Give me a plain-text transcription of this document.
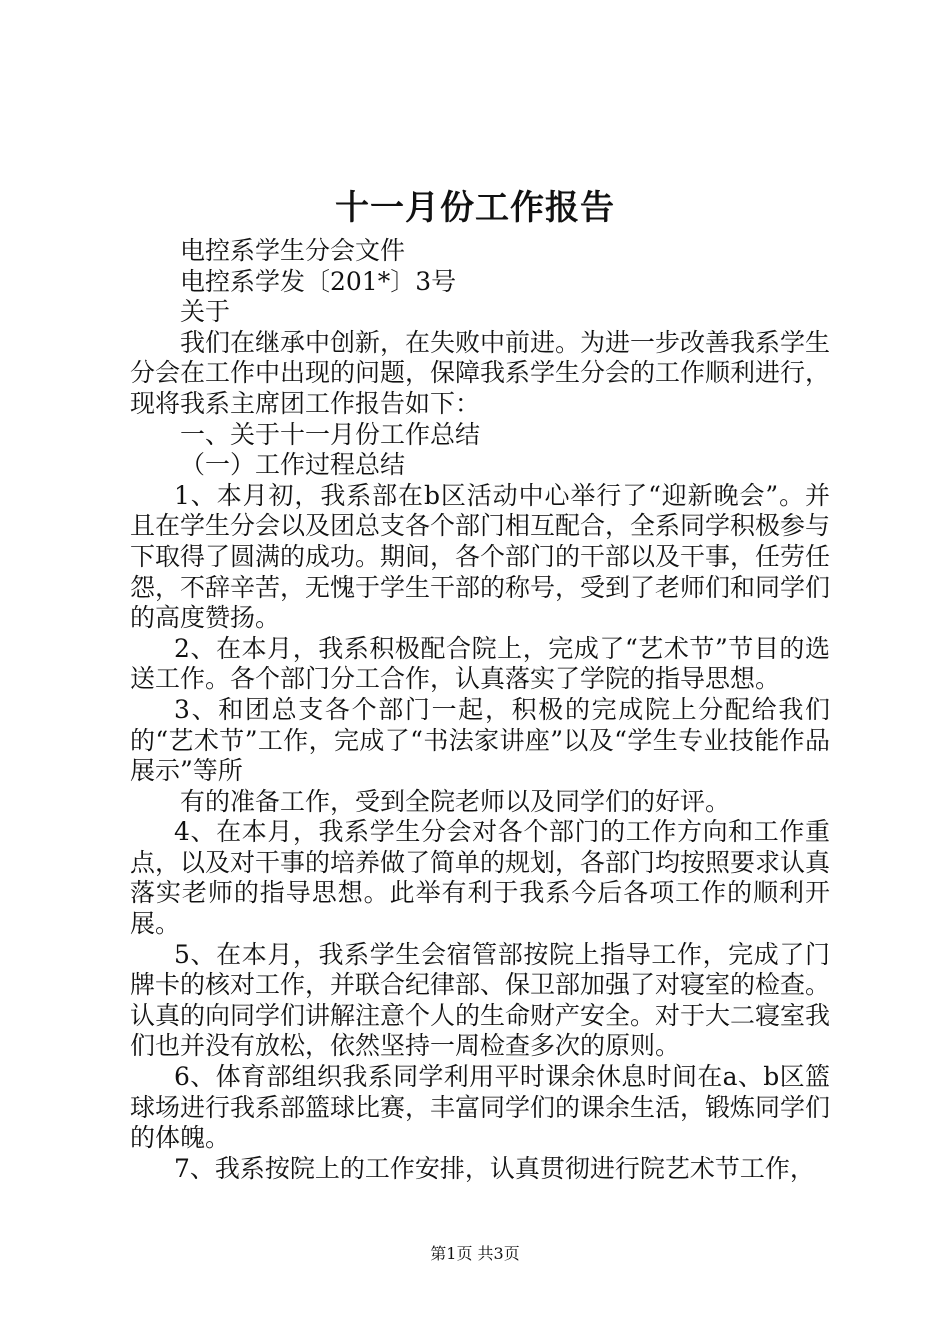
十一月份工作报告

电控系学生分会文件

电控系学发〔201*〕3号

关于

我们在继承中创新，在失败中前进。为进一步改善我系学生分会在工作中出现的问题，保障我系学生分会的工作顺利进行，现将我系主席团工作报告如下：

一、关于十一月份工作总结

（一）工作过程总结

1、本月初，我系部在b区活动中心举行了“迎新晚会”。并且在学生分会以及团总支各个部门相互配合，全系同学积极参与下取得了圆满的成功。期间，各个部门的干部以及干事，任劳任怨，不辞辛苦，无愧于学生干部的称号，受到了老师们和同学们的高度赞扬。

2、在本月，我系积极配合院上，完成了“艺术节”节目的选送工作。各个部门分工合作，认真落实了学院的指导思想。

3、和团总支各个部门一起，积极的完成院上分配给我们的“艺术节”工作，完成了“书法家讲座”以及“学生专业技能作品展示”等所

有的准备工作，受到全院老师以及同学们的好评。

4、在本月，我系学生分会对各个部门的工作方向和工作重点，以及对干事的培养做了简单的规划，各部门均按照要求认真落实老师的指导思想。此举有利于我系今后各项工作的顺利开展。

5、在本月，我系学生会宿管部按院上指导工作，完成了门牌卡的核对工作，并联合纪律部、保卫部加强了对寝室的检查。认真的向同学们讲解注意个人的生命财产安全。对于大二寝室我们也并没有放松，依然坚持一周检查多次的原则。

6、体育部组织我系同学利用平时课余休息时间在a、b区篮球场进行我系部篮球比赛，丰富同学们的课余生活，锻炼同学们的体魄。

7、我系按院上的工作安排，认真贯彻进行院艺术节工作，

第1页 共3页
